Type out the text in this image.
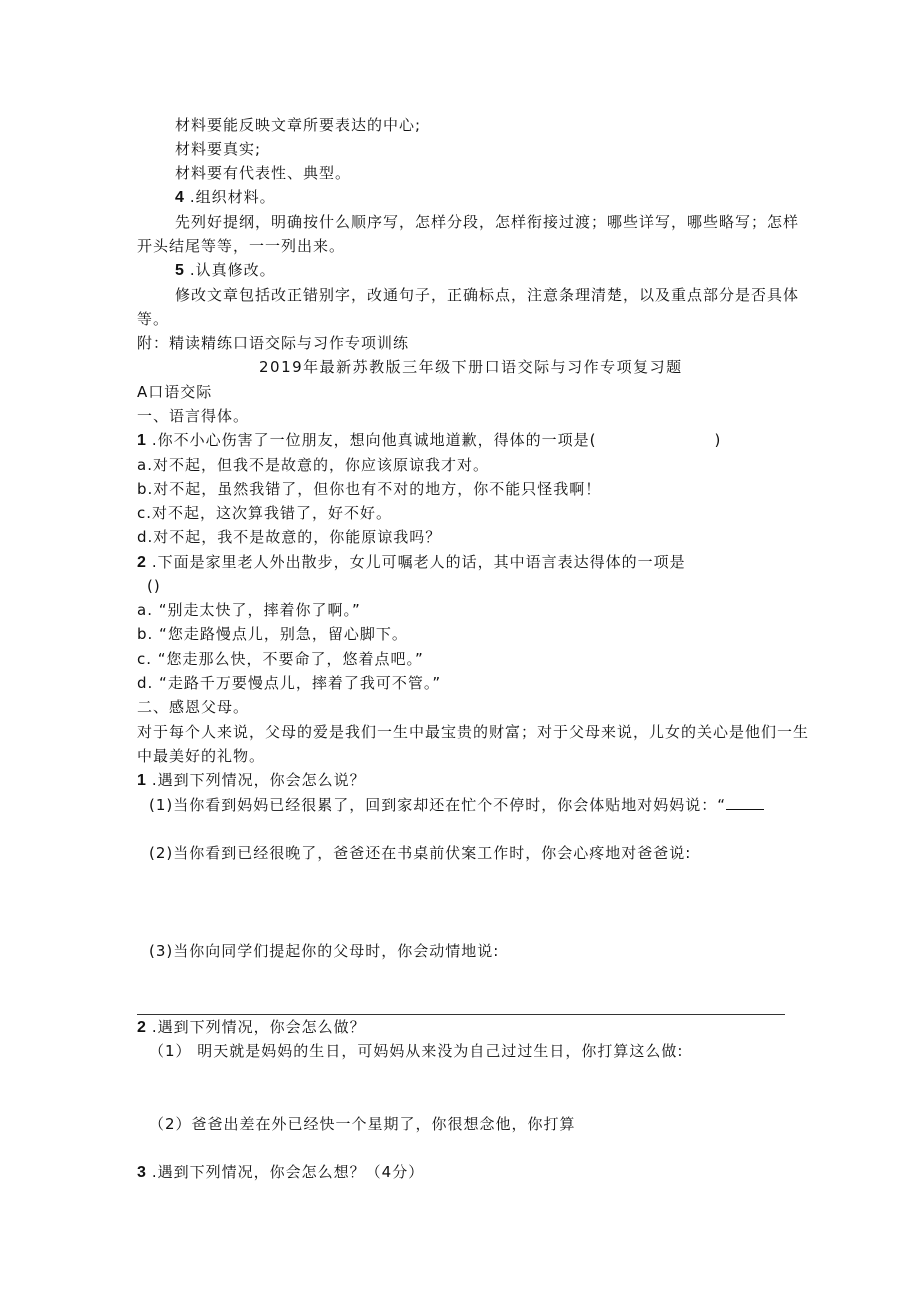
材料要能反映文章所要表达的中心;
材料要真实;
材料要有代表性、典型。
4 .组织材料。
先列好提纲，明确按什么顺序写，怎样分段，怎样衔接过渡；哪些详写，哪些略写；怎样
开头结尾等等，一一列出来。
5 .认真修改。
修改文章包括改正错别字，改通句子，正确标点，注意条理清楚，以及重点部分是否具体
等。
附：精读精练口语交际与习作专项训练
2019年最新苏教版三年级下册口语交际与习作专项复习题
A口语交际
一、语言得体。
1 .你不小心伤害了一位朋友，想向他真诚地道歉，得体的一项是(	)
a.对不起，但我不是故意的，你应该原谅我才对。
b.对不起，虽然我错了，但你也有不对的地方，你不能只怪我啊！
c.对不起，这次算我错了，好不好。
d.对不起，我不是故意的，你能原谅我吗？
2 .下面是家里老人外出散步，女儿可嘱老人的话，其中语言表达得体的一项是
()
a. “别走太快了，摔着你了啊。”
b. “您走路慢点儿，别急，留心脚下。
c. “您走那么快，不要命了，悠着点吧。”
d. “走路千万要慢点儿，摔着了我可不管。”
二、感恩父母。
对于每个人来说，父母的爱是我们一生中最宝贵的财富；对于父母来说，儿女的关心是他们一生
中最美好的礼物。
1 .遇到下列情况，你会怎么说？
(1)当你看到妈妈已经很累了，回到家却还在忙个不停时，你会体贴地对妈妈说：“
(2)当你看到已经很晚了，爸爸还在书桌前伏案工作时，你会心疼地对爸爸说:
(3)当你向同学们提起你的父母时，你会动情地说:
2 .遇到下列情况，你会怎么做？
（1） 明天就是妈妈的生日，可妈妈从来没为自己过过生日，你打算这么做:
（2）爸爸出差在外已经快一个星期了，你很想念他，你打算
3 .遇到下列情况，你会怎么想？（4分）
